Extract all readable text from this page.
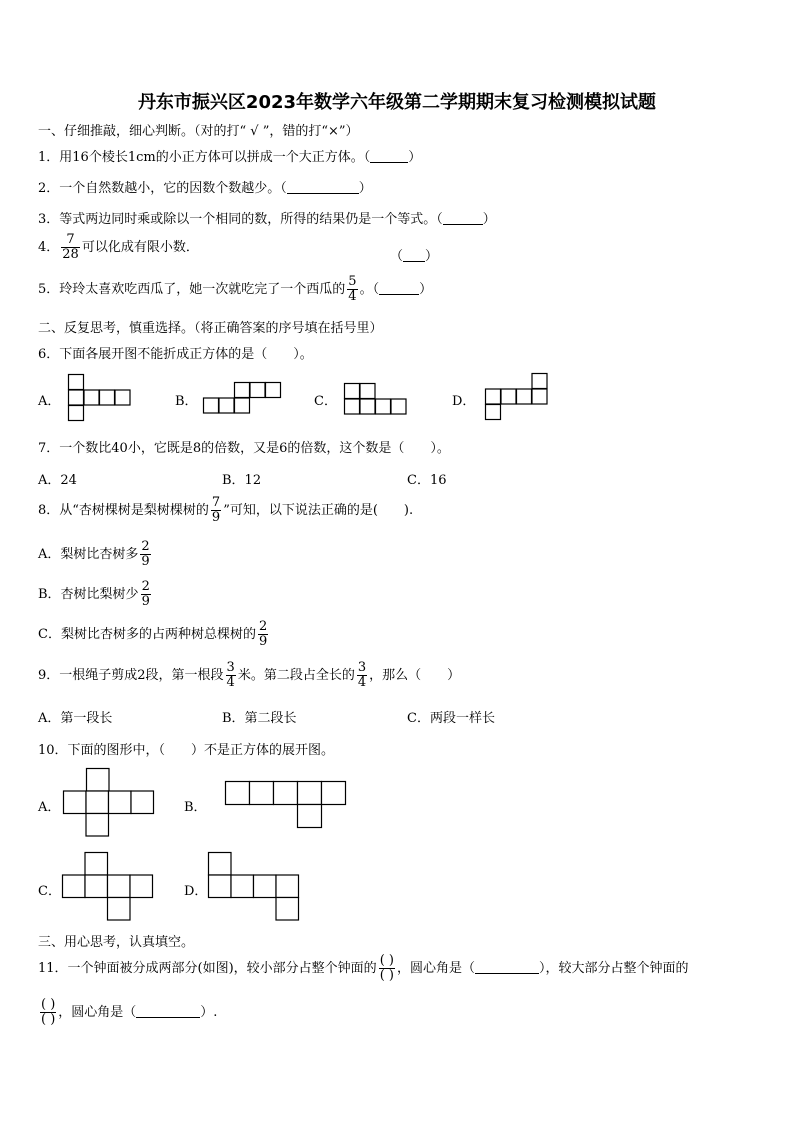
丹东市振兴区2023年数学六年级第二学期期末复习检测模拟试题
一、仔细推敲，细心判断。（对的打“ √ ”，错的打“×”）
1．用16个棱长1cm的小正方体可以拼成一个大正方体。（	）
2．一个自然数越小，它的因数个数越少。（	）
3．等式两边同时乘或除以一个相同的数，所得的结果仍是一个等式。（	）
4． $\frac{7}{28}$ 可以化成有限小数．
（ ）
5．玲玲太喜欢吃西瓜了，她一次就吃完了一个西瓜的 $\frac{5}{4}$ 。（	）
二、反复思考，慎重选择。（将正确答案的序号填在括号里）
6．下面各展开图不能折成正方体的是（　　）。
A．	B．	C．	D．
7．一个数比40小，它既是8的倍数，又是6的倍数，这个数是（　　）。
A．24	B．12	C．16
8．从“杏树棵树是梨树棵树的 $\frac{7}{9}$ ”可知，以下说法正确的是(　　).
A．梨树比杏树多 $\frac{2}{9}$
B．杏树比梨树少 $\frac{2}{9}$
C．梨树比杏树多的占两种树总棵树的 $\frac{2}{9}$
9．一根绳子剪成2段，第一根段 $\frac{3}{4}$ 米。第二段占全长的 $\frac{3}{4}$ ，那么（　　）
A．第一段长	B．第二段长	C．两段一样长
10．下面的图形中，（　　）不是正方体的展开图。
A．	B．
C．	D．
三、用心思考，认真填空。
11．一个钟面被分成两部分(如图)，较小部分占整个钟面的 $\frac{( )}{( )}$ ，圆心角是（	），较大部分占整个钟面的
$\frac{( )}{( )}$ ，圆心角是（	）.
